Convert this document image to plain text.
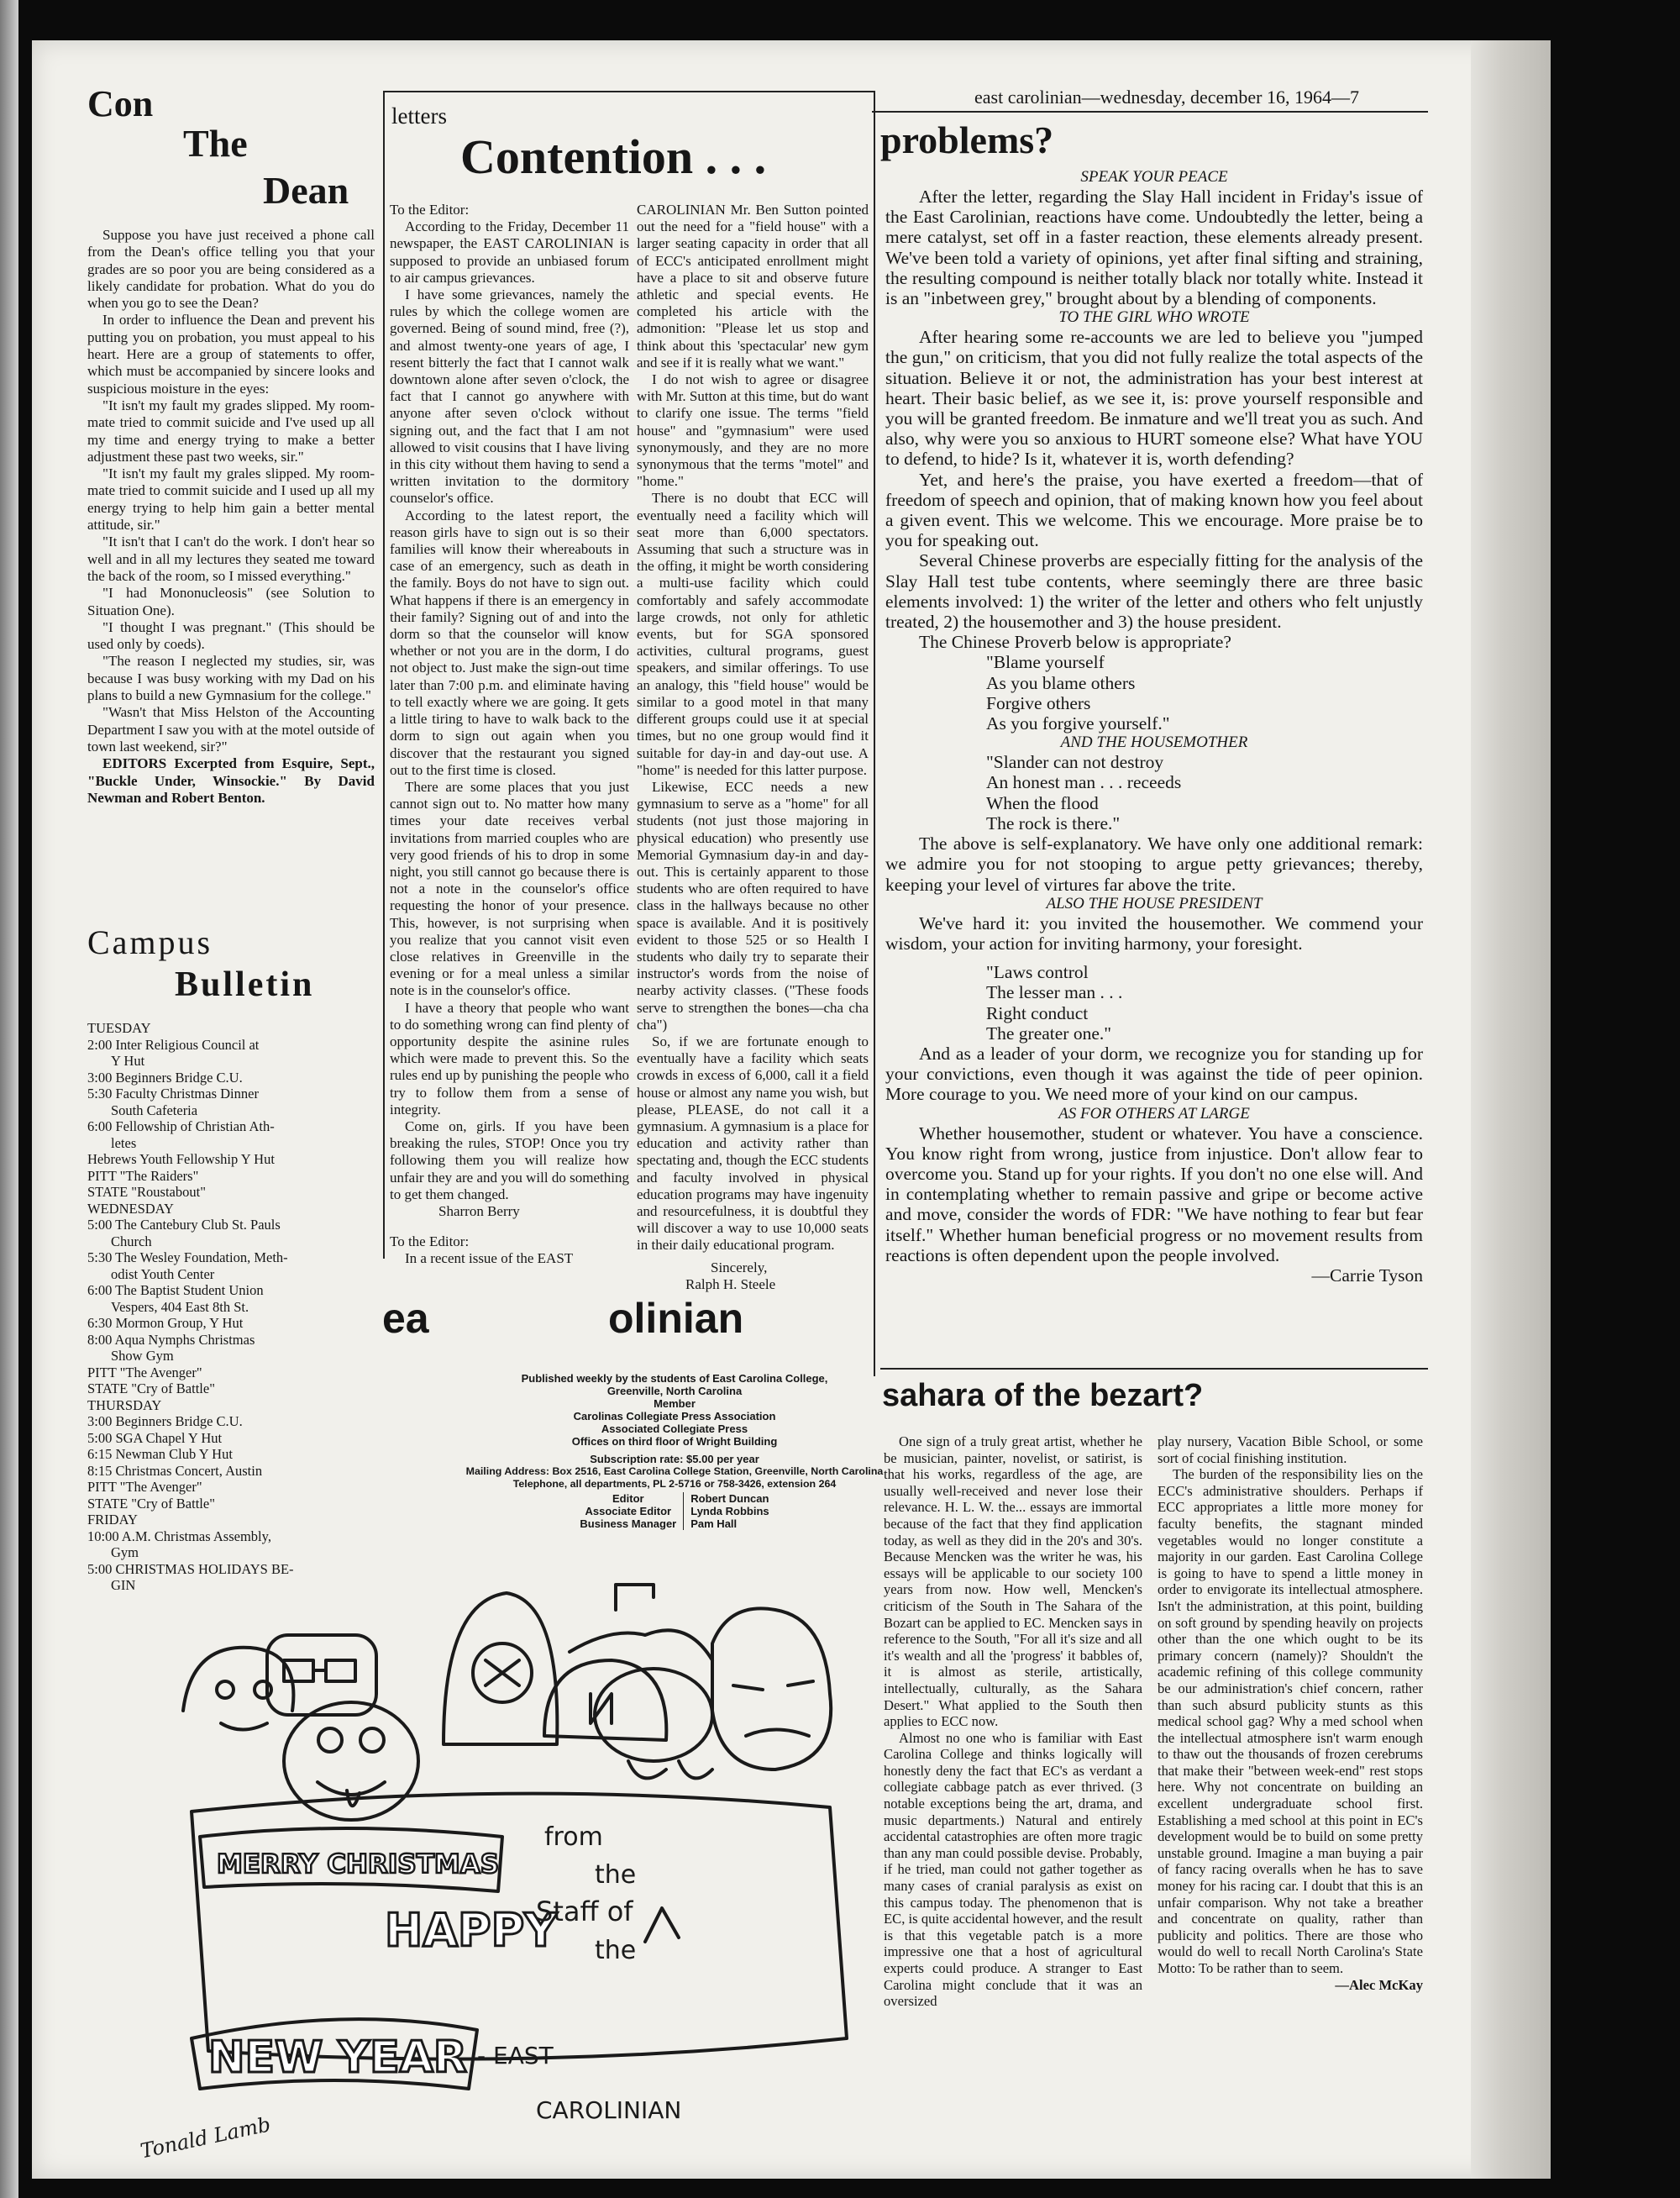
east carolinian—wednesday, december 16, 1964—7
Con
The
Dean

Suppose you have just received a phone call from the Dean's office telling you that your grades are so poor you are being considered as a likely candidate for probation. What do you do when you go to see the Dean?

In order to influence the Dean and prevent his putting you on probation, you must appeal to his heart. Here are a group of statements to offer, which must be accompanied by sincere looks and suspicious moisture in the eyes:

"It isn't my fault my grades slipped. My room-mate tried to commit suicide and I've used up all my time and energy trying to make a better adjustment these past two weeks, sir."

"It isn't my fault my grales slipped. My room-mate tried to commit suicide and I used up all my energy trying to help him gain a better mental attitude, sir."

"It isn't that I can't do the work. I don't hear so well and in all my lectures they seated me toward the back of the room, so I missed everything."

"I had Mononucleosis" (see Solution to Situation One).

"I thought I was pregnant." (This should be used only by coeds).

"The reason I neglected my studies, sir, was because I was busy working with my Dad on his plans to build a new Gymnasium for the college."

"Wasn't that Miss Helston of the Accounting Department I saw you with at the motel outside of town last weekend, sir?"

EDITORS Excerpted from Esquire, Sept., "Buckle Under, Winsockie." By David Newman and Robert Benton.

Campus
Bulletin
TUESDAY
2:00 Inter Religious Council at
Y Hut
3:00 Beginners Bridge C.U.
5:30 Faculty Christmas Dinner
South Cafeteria
6:00 Fellowship of Christian Ath-
letes
Hebrews Youth Fellowship Y Hut
PITT "The Raiders"
STATE "Roustabout"
WEDNESDAY
5:00 The Cantebury Club St. Pauls
Church
5:30 The Wesley Foundation, Meth-
odist Youth Center
6:00 The Baptist Student Union
Vespers, 404 East 8th St.
6:30 Mormon Group, Y Hut
8:00 Aqua Nymphs Christmas
Show Gym
PITT "The Avenger"
STATE "Cry of Battle"
THURSDAY
3:00 Beginners Bridge C.U.
5:00 SGA Chapel Y Hut
6:15 Newman Club Y Hut
8:15 Christmas Concert, Austin
PITT "The Avenger"
STATE "Cry of Battle"
FRIDAY
10:00 A.M. Christmas Assembly,
Gym
5:00 CHRISTMAS HOLIDAYS BE-
GIN
letters
Contention . . .

To the Editor:

According to the Friday, December 11 newspaper, the EAST CAROLINIAN is supposed to provide an unbiased forum to air campus grievances.

I have some grievances, namely the rules by which the college women are governed. Being of sound mind, free (?), and almost twenty-one years of age, I resent bitterly the fact that I cannot walk downtown alone after seven o'clock, the fact that I cannot go anywhere with anyone after seven o'clock without signing out, and the fact that I am not allowed to visit cousins that I have living in this city without them having to send a written invitation to the dormitory counselor's office.

According to the latest report, the reason girls have to sign out is so their families will know their whereabouts in case of an emergency, such as death in the family. Boys do not have to sign out. What happens if there is an emergency in their family? Signing out of and into the dorm so that the counselor will know whether or not you are in the dorm, I do not object to. Just make the sign-out time later than 7:00 p.m. and eliminate having to tell exactly where we are going. It gets a little tiring to have to walk back to the dorm to sign out again when you discover that the restaurant you signed out to the first time is closed.

There are some places that you just cannot sign out to. No matter how many times your date receives verbal invitations from married couples who are very good friends of his to drop in some night, you still cannot go because there is not a note in the counselor's office requesting the honor of your presence. This, however, is not surprising when you realize that you cannot visit even close relatives in Greenville in the evening or for a meal unless a similar note is in the counselor's office.

I have a theory that people who want to do something wrong can find plenty of opportunity despite the asinine rules which were made to prevent this. So the rules end up by punishing the people who try to follow them from a sense of integrity.

Come on, girls. If you have been breaking the rules, STOP! Once you try following them you will realize how unfair they are and you will do something to get them changed.

Sharron Berry

To the Editor:

In a recent issue of the EAST

CAROLINIAN Mr. Ben Sutton pointed out the need for a "field house" with a larger seating capacity in order that all of ECC's anticipated enrollment might have a place to sit and observe future athletic and special events. He completed his article with the admonition: "Please let us stop and think about this 'spectacular' new gym and see if it is really what we want."

I do not wish to agree or disagree with Mr. Sutton at this time, but do want to clarify one issue. The terms "field house" and "gymnasium" were used synonymously, and they are no more synonymous that the terms "motel" and "home."

There is no doubt that ECC will eventually need a facility which will seat more than 6,000 spectators. Assuming that such a structure was in the offing, it might be worth considering a multi-use facility which could comfortably and safely accommodate large crowds, not only for athletic events, but for SGA sponsored activities, cultural programs, guest speakers, and similar offerings. To use an analogy, this "field house" would be similar to a good motel in that many different groups could use it at special times, but no one group would find it suitable for day-in and day-out use. A "home" is needed for this latter purpose.

Likewise, ECC needs a new gymnasium to serve as a "home" for all students (not just those majoring in physical education) who presently use Memorial Gymnasium day-in and day-out. This is certainly apparent to those students who are often required to have class in the hallways because no other space is available. And it is positively evident to those 525 or so Health I students who daily try to separate their instructor's words from the noise of nearby activity classes. ("These foods serve to strengthen the bones—cha cha cha")

So, if we are fortunate enough to eventually have a facility which seats crowds in excess of 6,000, call it a field house or almost any name you wish, but please, PLEASE, do not call it a gymnasium. A gymnasium is a place for education and activity rather than spectating and, though the ECC students and faculty involved in physical education programs may have ingenuity and resourcefulness, it is doubtful they will discover a way to use 10,000 seats in their daily educational program.

Sincerely,

Ralph H. Steele

ea	olinian
Published weekly by the students of East Carolina College,
Greenville, North Carolina
Member
Carolinas Collegiate Press Association
Associated Collegiate Press
Offices on third floor of Wright Building
Subscription rate: $5.00 per year
Mailing Address: Box 2516, East Carolina College Station, Greenville, North Carolina
Telephone, all departments, PL 2-5716 or 758-3426, extension 264
Editor
Associate Editor
Business Manager
Robert Duncan
Lynda Robbins
Pam Hall
MERRY CHRISTMAS
HAPPY
NEW YEAR
from
the
Staff of
the
- EAST
CAROLINIAN
Tonald Lamb
problems?
SPEAK YOUR PEACE

After the letter, regarding the Slay Hall incident in Friday's issue of the East Carolinian, reactions have come. Undoubtedly the letter, being a mere catalyst, set off in a faster reaction, these elements already present. We've been told a variety of opinions, yet after final sifting and straining, the resulting compound is neither totally black nor totally white. Instead it is an "inbetween grey," brought about by a blending of components.

TO THE GIRL WHO WROTE

After hearing some re-accounts we are led to believe you "jumped the gun," on criticism, that you did not fully realize the total aspects of the situation. Believe it or not, the administration has your best interest at heart. Their basic belief, as we see it, is: prove yourself responsible and you will be granted freedom. Be inmature and we'll treat you as such. And also, why were you so anxious to HURT someone else? What have YOU to defend, to hide? Is it, whatever it is, worth defending?

Yet, and here's the praise, you have exerted a freedom—that of freedom of speech and opinion, that of making known how you feel about a given event. This we welcome. This we encourage. More praise be to you for speaking out.

Several Chinese proverbs are especially fitting for the analysis of the Slay Hall test tube contents, where seemingly there are three basic elements involved: 1) the writer of the letter and others who felt unjustly treated, 2) the housemother and 3) the house president.

The Chinese Proverb below is appropriate?

"Blame yourself
As you blame others
Forgive others
As you forgive yourself."
AND THE HOUSEMOTHER
"Slander can not destroy
An honest man . . . receeds
When the flood
The rock is there."

The above is self-explanatory. We have only one additional remark: we admire you for not stooping to argue petty grievances; thereby, keeping your level of virtures far above the trite.

ALSO THE HOUSE PRESIDENT

We've hard it: you invited the housemother. We commend your wisdom, your action for inviting harmony, your foresight.

"Laws control
The lesser man . . .
Right conduct
The greater one."

And as a leader of your dorm, we recognize you for standing up for your convictions, even though it was against the tide of peer opinion. More courage to you. We need more of your kind on our campus.

AS FOR OTHERS AT LARGE

Whether housemother, student or whatever. You have a conscience. You know right from wrong, justice from injustice. Don't allow fear to overcome you. Stand up for your rights. If you don't no one else will. And in contemplating whether to remain passive and gripe or become active and move, consider the words of FDR: "We have nothing to fear but fear itself." Whether human beneficial progress or no movement results from reactions is often dependent upon the people involved.

—Carrie Tyson
sahara of the bezart?

One sign of a truly great artist, whether he be musician, painter, novelist, or satirist, is that his works, regardless of the age, are usually well-received and never lose their relevance. H. L. W. the... essays are immortal because of the fact that they find application today, as well as they did in the 20's and 30's. Because Mencken was the writer he was, his essays will be applicable to our society 100 years from now. How well, Mencken's criticism of the South in The Sahara of the Bozart can be applied to EC. Mencken says in reference to the South, "For all it's size and all it's wealth and all the 'progress' it babbles of, it is almost as sterile, artistically, intellectually, culturally, as the Sahara Desert." What applied to the South then applies to ECC now.

Almost no one who is familiar with East Carolina College and thinks logically will honestly deny the fact that EC's as verdant a collegiate cabbage patch as ever thrived. (3 notable exceptions being the art, drama, and music departments.) Natural and entirely accidental catastrophies are often more tragic than any man could possible devise. Probably, if he tried, man could not gather together as many cases of cranial paralysis as exist on this campus today. The phenomenon that is EC, is quite accidental however, and the result is that this vegetable patch is a more impressive one that a host of agricultural experts could produce. A stranger to East Carolina might conclude that it was an oversized

play nursery, Vacation Bible School, or some sort of cocial finishing institution.

The burden of the responsibility lies on the ECC's administrative shoulders. Perhaps if ECC appropriates a little more money for faculty benefits, the stagnant minded vegetables would no longer constitute a majority in our garden. East Carolina College is going to have to spend a little money in order to envigorate its intellectual atmosphere. Isn't the administration, at this point, building on soft ground by spending heavily on projects other than the one which ought to be its primary concern (namely)? Shouldn't the academic refining of this college community be our administration's chief concern, rather than such absurd publicity stunts as this medical school gag? Why a med school when the intellectual atmosphere isn't warm enough to thaw out the thousands of frozen cerebrums that make their "between week-end" rest stops here. Why not concentrate on building an excellent undergraduate school first. Establishing a med school at this point in EC's development would be to build on some pretty unstable ground. Imagine a man buying a pair of fancy racing overalls when he has to save money for his racing car. I doubt that this is an unfair comparison. Why not take a breather and concentrate on quality, rather than publicity and politics. There are those who would do well to recall North Carolina's State Motto: To be rather than to seem.

—Alec McKay
